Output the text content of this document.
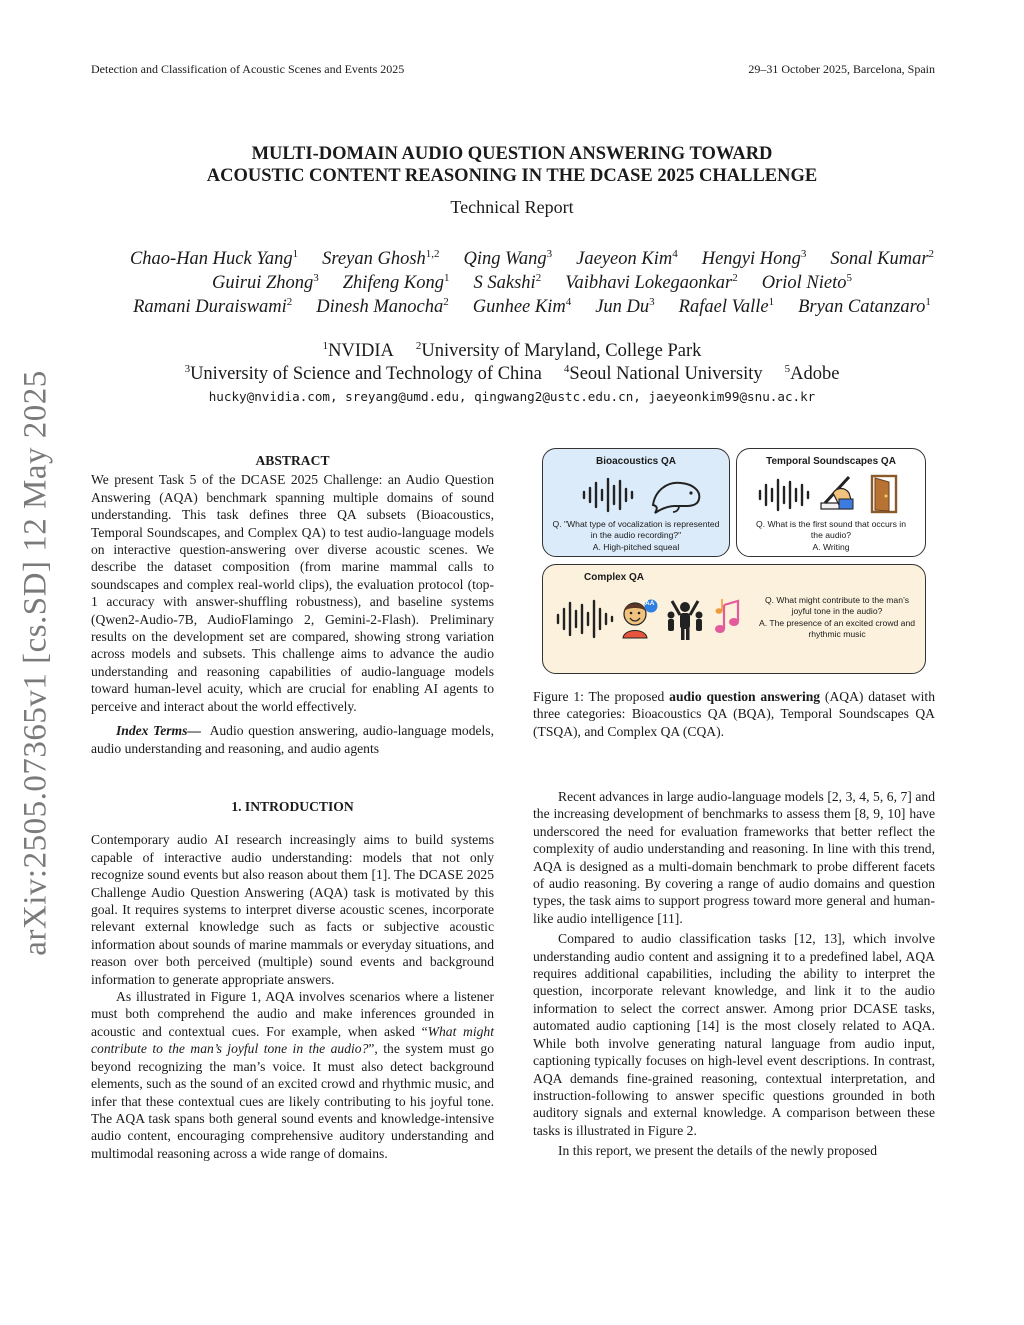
Detection and Classification of Acoustic Scenes and Events 2025	29–31 October 2025, Barcelona, Spain
MULTI-DOMAIN AUDIO QUESTION ANSWERING TOWARD
ACOUSTIC CONTENT REASONING IN THE DCASE 2025 CHALLENGE
Technical Report
Chao-Han Huck Yang$^1$ Sreyan Ghosh$^{1,2}$ Qing Wang$^3$ Jaeyeon Kim$^4$ Hengyi Hong$^3$ Sonal Kumar$^2$
Guirui Zhong$^3$ Zhifeng Kong$^1$ S Sakshi$^2$ Vaibhavi Lokegaonkar$^2$ Oriol Nieto$^5$
Ramani Duraiswami$^2$ Dinesh Manocha$^2$ Gunhee Kim$^4$ Jun Du$^3$ Rafael Valle$^1$ Bryan Catanzaro$^1$
$^1$NVIDIA $^2$University of Maryland, College Park
$^3$University of Science and Technology of China $^4$Seoul National University $^5$Adobe
hucky@nvidia.com, sreyang@umd.edu, qingwang2@ustc.edu.cn, jaeyeonkim99@snu.ac.kr
arXiv:2505.07365v1 [cs.SD] 12 May 2025	ABSTRACT

We present Task 5 of the DCASE 2025 Challenge: an Audio Question Answering (AQA) benchmark spanning multiple domains of sound understanding. This task defines three QA subsets (Bioacoustics, Temporal Soundscapes, and Complex QA) to test audio-language models on interactive question-answering over diverse acoustic scenes. We describe the dataset composition (from marine mammal calls to soundscapes and complex real-world clips), the evaluation protocol (top-1 accuracy with answer-shuffling robustness), and baseline systems (Qwen2-Audio-7B, AudioFlamingo 2, Gemini-2-Flash). Preliminary results on the development set are compared, showing strong variation across models and subsets. This challenge aims to advance the audio understanding and reasoning capabilities of audio-language models toward human-level acuity, which are crucial for enabling AI agents to perceive and interact about the world effectively.

Index Terms— Audio question answering, audio-language models, audio understanding and reasoning, and audio agents

1. INTRODUCTION

Contemporary audio AI research increasingly aims to build systems capable of interactive audio understanding: models that not only recognize sound events but also reason about them [1]. The DCASE 2025 Challenge Audio Question Answering (AQA) task is motivated by this goal. It requires systems to interpret diverse acoustic scenes, incorporate relevant external knowledge such as facts or subjective acoustic information about sounds of marine mammals or everyday situations, and reason over both perceived (multiple) sound events and background information to generate appropriate answers.

As illustrated in Figure 1, AQA involves scenarios where a listener must both comprehend the audio and make inferences grounded in acoustic and contextual cues. For example, when asked “What might contribute to the man’s joyful tone in the audio?”, the system must go beyond recognizing the man’s voice. It must also detect background elements, such as the sound of an excited crowd and rhythmic music, and infer that these contextual cues are likely contributing to his joyful tone. The AQA task spans both general sound events and knowledge-intensive audio content, encouraging comprehensive auditory understanding and multimodal reasoning across a wide range of domains.

Bioacoustics QA
Q. "What type of vocalization is represented in the audio recording?"
A. High-pitched squeal
Temporal Soundscapes QA
Q. What is the first sound that occurs in the audio?
A. Writing
Complex QA
AA	Q. What might contribute to the man’s joyful tone in the audio?
A. The presence of an excited crowd and rhythmic music
Figure 1: The proposed audio question answering (AQA) dataset with three categories: Bioacoustics QA (BQA), Temporal Soundscapes QA (TSQA), and Complex QA (CQA).

Recent advances in large audio-language models [2, 3, 4, 5, 6, 7] and the increasing development of benchmarks to assess them [8, 9, 10] have underscored the need for evaluation frameworks that better reflect the complexity of audio understanding and reasoning. In line with this trend, AQA is designed as a multi-domain benchmark to probe different facets of audio reasoning. By covering a range of audio domains and question types, the task aims to support progress toward more general and human-like audio intelligence [11].

Compared to audio classification tasks [12, 13], which involve understanding audio content and assigning it to a predefined label, AQA requires additional capabilities, including the ability to interpret the question, incorporate relevant knowledge, and link it to the audio information to select the correct answer. Among prior DCASE tasks, automated audio captioning [14] is the most closely related to AQA. While both involve generating natural language from audio input, captioning typically focuses on high-level event descriptions. In contrast, AQA demands fine-grained reasoning, contextual interpretation, and instruction-following to answer specific questions grounded in both auditory signals and external knowledge. A comparison between these tasks is illustrated in Figure 2.

In this report, we present the details of the newly proposed
